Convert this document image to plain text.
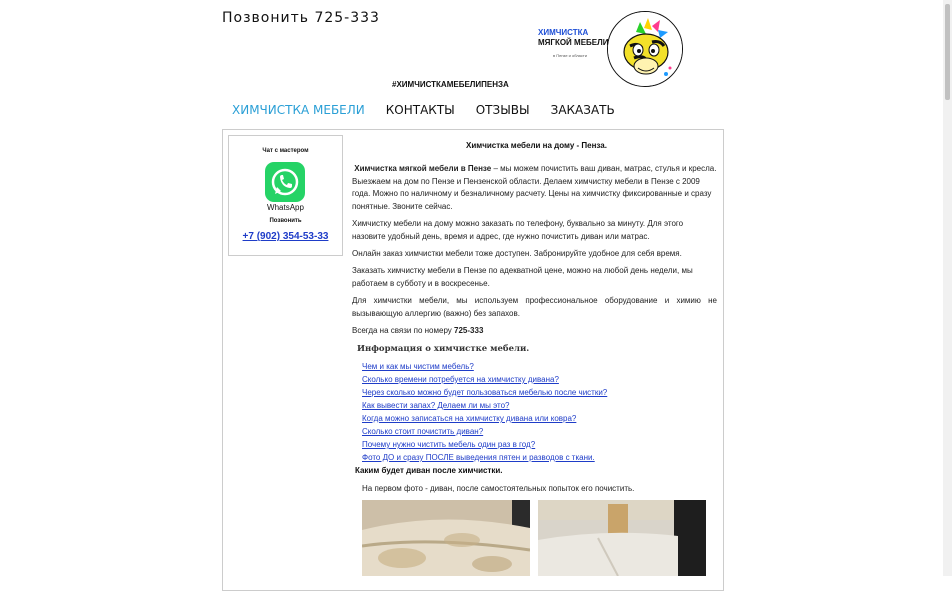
Позвонить 725-333
ХИМЧИСТКА
МЯГКОЙ МЕБЕЛИ
в Пензе и области
#ХИМЧИСТКАМЕБЕЛИПЕНЗА
ХИМЧИСТКА МЕБЕЛИ КОНТАКТЫ ОТЗЫВЫ ЗАКАЗАТЬ
Чат с мастером
WhatsApp
Позвонить
+7 (902) 354-53-33
Химчистка мебели на дому - Пенза.
Химчистка мягкой мебели в Пензе – мы можем почистить ваш диван, матрас, стулья и кресла. Выезжаем на дом по Пензе и Пензенской области. Делаем химчистку мебели в Пензе с 2009 года. Можно по наличному и безналичному расчету. Цены на химчистку фиксированные и сразу понятные. Звоните сейчас.
Химчистку мебели на дому можно заказать по телефону, буквально за минуту. Для этого назовите удобный день, время и адрес, где нужно почистить диван или матрас.
Онлайн заказ химчистки мебели тоже доступен. Забронируйте удобное для себя время.
Заказать химчистку мебели в Пензе по адекватной цене, можно на любой день недели, мы работаем в субботу и в воскресенье.
Для химчистки мебели, мы используем профессиональное оборудование и химию не вызывающую аллергию (важно) без запахов.
Всегда на связи по номеру 725-333
Информация о химчистке мебели.
Чем и как мы чистим мебель?
Сколько времени потребуется на химчистку дивана?
Через сколько можно будет пользоваться мебелью после чистки?
Как вывести запах? Делаем ли мы это?
Когда можно записаться на химчистку дивана или ковра?
Сколько стоит почистить диван?
Почему нужно чистить мебель один раз в год?
Фото ДО и сразу ПОСЛЕ выведения пятен и разводов с ткани.
Каким будет диван после химчистки.
На первом фото - диван, после самостоятельных попыток его почистить.
